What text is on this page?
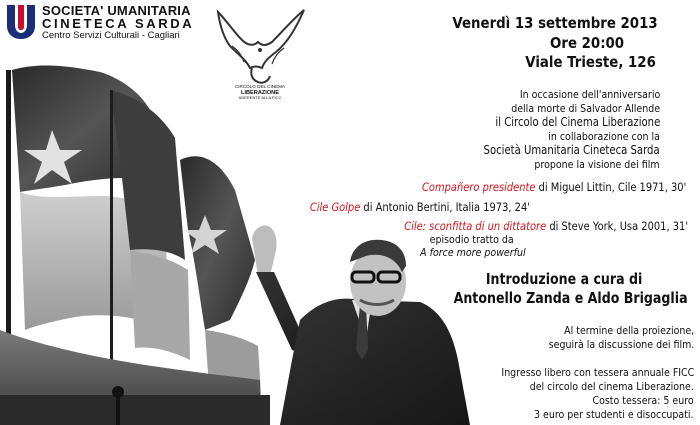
SOCIETA' UMANITARIA
CINETECA SARDA
Centro Servizi Culturali - Cagliari
CIRCOLO DEL CINEMA
LIBERAZIONE
ADERENTE ALLA FICC
Venerdì 13 settembre 2013
Ore 20:00
Viale Trieste, 126
In occasione dell'anniversario
della morte di Salvador Allende
il Circolo del Cinema Liberazione
in collaborazione con la
Società Umanitaria Cineteca Sarda
propone la visione dei film
Compañero presidente di Miguel Littin, Cile 1971, 30'
Cile Golpe di Antonio Bertini, Italia 1973, 24'
Cile: sconfitta di un dittatore di Steve York, Usa 2001, 31'
episodio tratto da
A force more powerful
Introduzione a cura di
Antonello Zanda e Aldo Brigaglia
Al termine della proiezione,
seguirà la discussione dei film.
Ingresso libero con tessera annuale FICC
del circolo del cinema Liberazione.
Costo tessera: 5 euro
3 euro per studenti e disoccupati.
